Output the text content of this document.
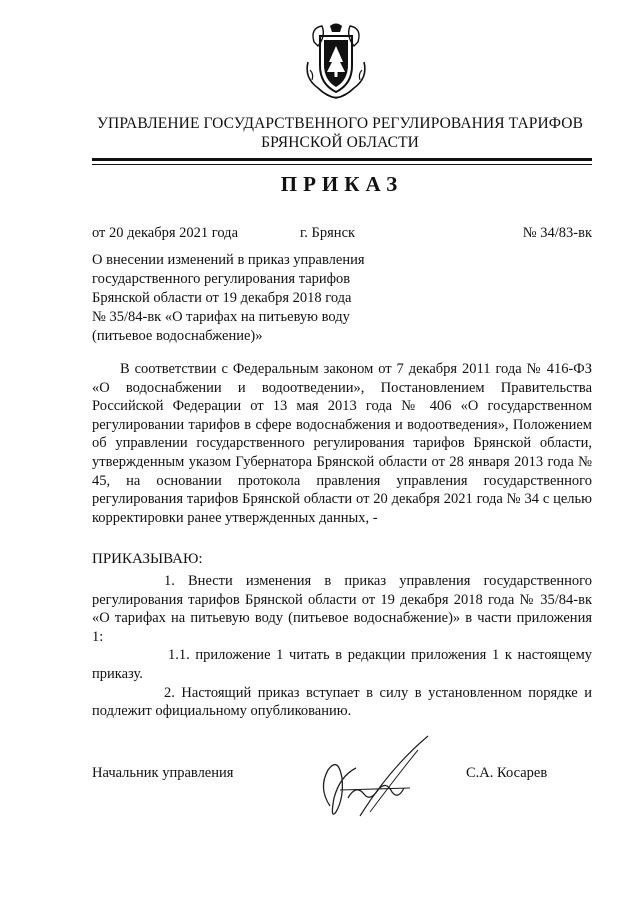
УПРАВЛЕНИЕ ГОСУДАРСТВЕННОГО РЕГУЛИРОВАНИЯ ТАРИФОВ
БРЯНСКОЙ ОБЛАСТИ
ПРИКАЗ
от 20 декабря 2021 года	г. Брянск	№ 34/83-вк
О внесении изменений в приказ управления
государственного регулирования тарифов
Брянской области от 19 декабря 2018 года
№ 35/84-вк «О тарифах на питьевую воду
(питьевое водоснабжение)»
В соответствии с Федеральным законом от 7 декабря 2011 года № 416-ФЗ «О водоснабжении и водоотведении», Постановлением Правительства Российской Федерации от 13 мая 2013 года № 406 «О государственном регулировании тарифов в сфере водоснабжения и водоотведения», Положением об управлении государственного регулирования тарифов Брянской области, утвержденным указом Губернатора Брянской области от 28 января 2013 года № 45, на основании протокола правления управления государственного регулирования тарифов Брянской области от 20 декабря 2021 года № 34 с целью корректировки ранее утвержденных данных, -
ПРИКАЗЫВАЮ:
1. Внести изменения в приказ управления государственного регулирования тарифов Брянской области от 19 декабря 2018 года № 35/84-вк «О тарифах на питьевую воду (питьевое водоснабжение)» в части приложения 1:
1.1. приложение 1 читать в редакции приложения 1 к настоящему приказу.
2. Настоящий приказ вступает в силу в установленном порядке и подлежит официальному опубликованию.
Начальник управления	С.А. Косарев
